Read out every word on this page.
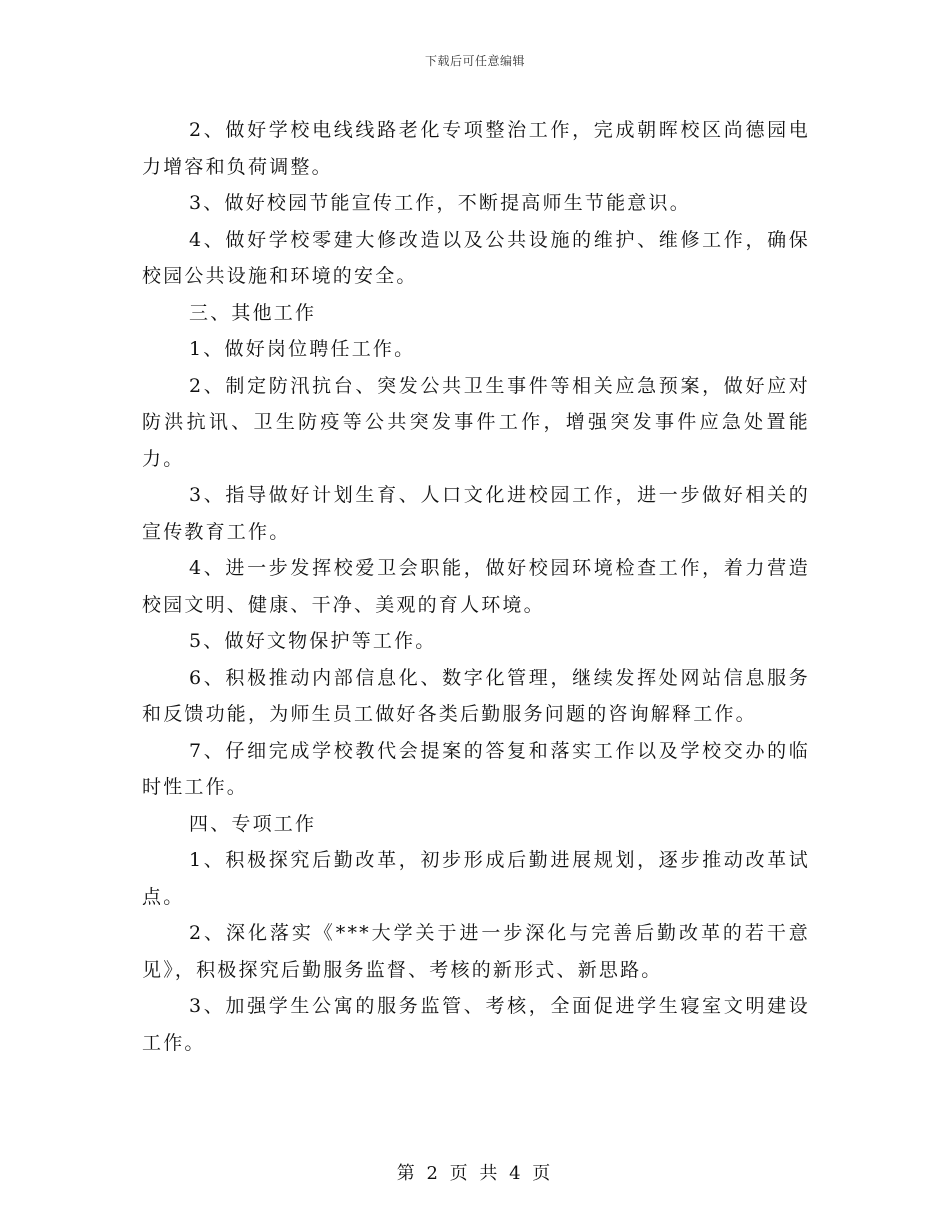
下载后可任意编辑

2、做好学校电线线路老化专项整治工作，完成朝晖校区尚德园电力增容和负荷调整。

3、做好校园节能宣传工作，不断提高师生节能意识。

4、做好学校零建大修改造以及公共设施的维护、维修工作，确保校园公共设施和环境的安全。

三、其他工作

1、做好岗位聘任工作。

2、制定防汛抗台、突发公共卫生事件等相关应急预案，做好应对防洪抗讯、卫生防疫等公共突发事件工作，增强突发事件应急处置能力。

3、指导做好计划生育、人口文化进校园工作，进一步做好相关的宣传教育工作。

4、进一步发挥校爱卫会职能，做好校园环境检查工作，着力营造校园文明、健康、干净、美观的育人环境。

5、做好文物保护等工作。

6、积极推动内部信息化、数字化管理，继续发挥处网站信息服务和反馈功能，为师生员工做好各类后勤服务问题的咨询解释工作。

7、仔细完成学校教代会提案的答复和落实工作以及学校交办的临时性工作。

四、专项工作

1、积极探究后勤改革，初步形成后勤进展规划，逐步推动改革试点。

2、深化落实《***大学关于进一步深化与完善后勤改革的若干意见》，积极探究后勤服务监督、考核的新形式、新思路。

3、加强学生公寓的服务监管、考核，全面促进学生寝室文明建设工作。

第 2 页 共 4 页
